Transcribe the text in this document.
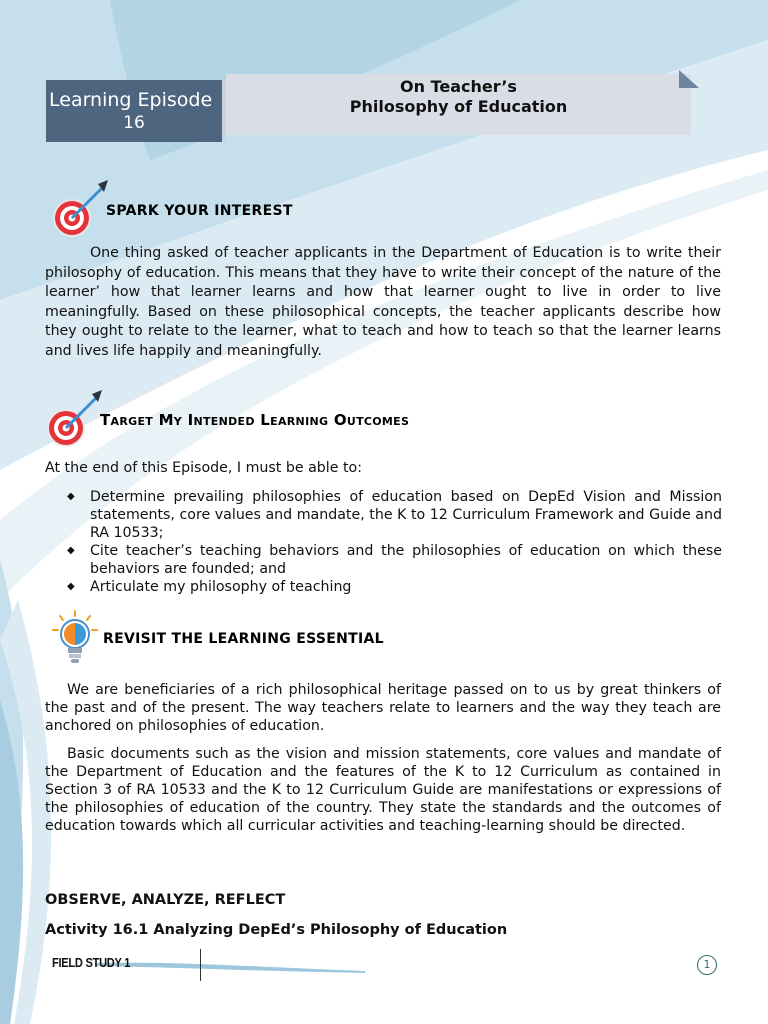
Learning Episode
16
On Teacher’s
Philosophy of Education
SPARK YOUR INTEREST
One thing asked of teacher applicants in the Department of Education is to write their philosophy of education. This means that they have to write their concept of the nature of the learner’ how that learner learns and how that learner ought to live in order to live meaningfully. Based on these philosophical concepts, the teacher applicants describe how they ought to relate to the learner, what to teach and how to teach so that the learner learns and lives life happily and meaningfully.
Target My Intended Learning Outcomes
At the end of this Episode, I must be able to:
◆ Determine prevailing philosophies of education based on DepEd Vision and Mission statements, core values and mandate, the K to 12 Curriculum Framework and Guide and RA 10533;
◆ Cite teacher’s teaching behaviors and the philosophies of education on which these behaviors are founded; and
◆ Articulate my philosophy of teaching
REVISIT THE LEARNING ESSENTIAL
We are beneficiaries of a rich philosophical heritage passed on to us by great thinkers of the past and of the present. The way teachers relate to learners and the way they teach are anchored on philosophies of education.
Basic documents such as the vision and mission statements, core values and mandate of the Department of Education and the features of the K to 12 Curriculum as contained in Section 3 of RA 10533 and the K to 12 Curriculum Guide are manifestations or expressions of the philosophies of education of the country. They state the standards and the outcomes of education towards which all curricular activities and teaching-learning should be directed.
OBSERVE, ANALYZE, REFLECT
Activity 16.1 Analyzing DepEd’s Philosophy of Education
FIELD STUDY 1	1
